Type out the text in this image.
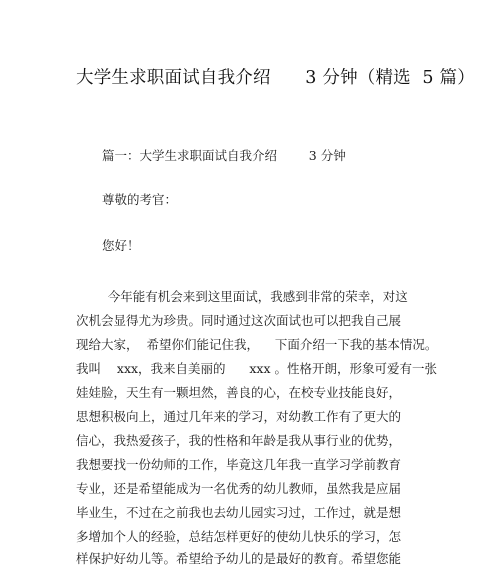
大学生求职面试自我介绍      3 分钟（精选  5 篇）
篇一：大学生求职面试自我介绍        3 分钟
尊敬的考官：
您好！
今年能有机会来到这里面试，我感到非常的荣幸，对这
次机会显得尤为珍贵。同时通过这次面试也可以把我自己展
现给大家，  希望你们能记住我，    下面介绍一下我的基本情况。
我叫    xxx，我来自美丽的      xxx 。性格开朗，形象可爱有一张
娃娃脸，天生有一颗坦然，善良的心，在校专业技能良好，
思想积极向上，通过几年来的学习，对幼教工作有了更大的
信心，我热爱孩子，我的性格和年龄是我从事行业的优势，
我想要找一份幼师的工作，毕竟这几年我一直学习学前教育
专业，还是希望能成为一名优秀的幼儿教师，虽然我是应届
毕业生，不过在之前我也去幼儿园实习过，工作过，就是想
多增加个人的经验，总结怎样更好的使幼儿快乐的学习，怎
样保护好幼儿等。希望给予幼儿的是最好的教育。希望您能
